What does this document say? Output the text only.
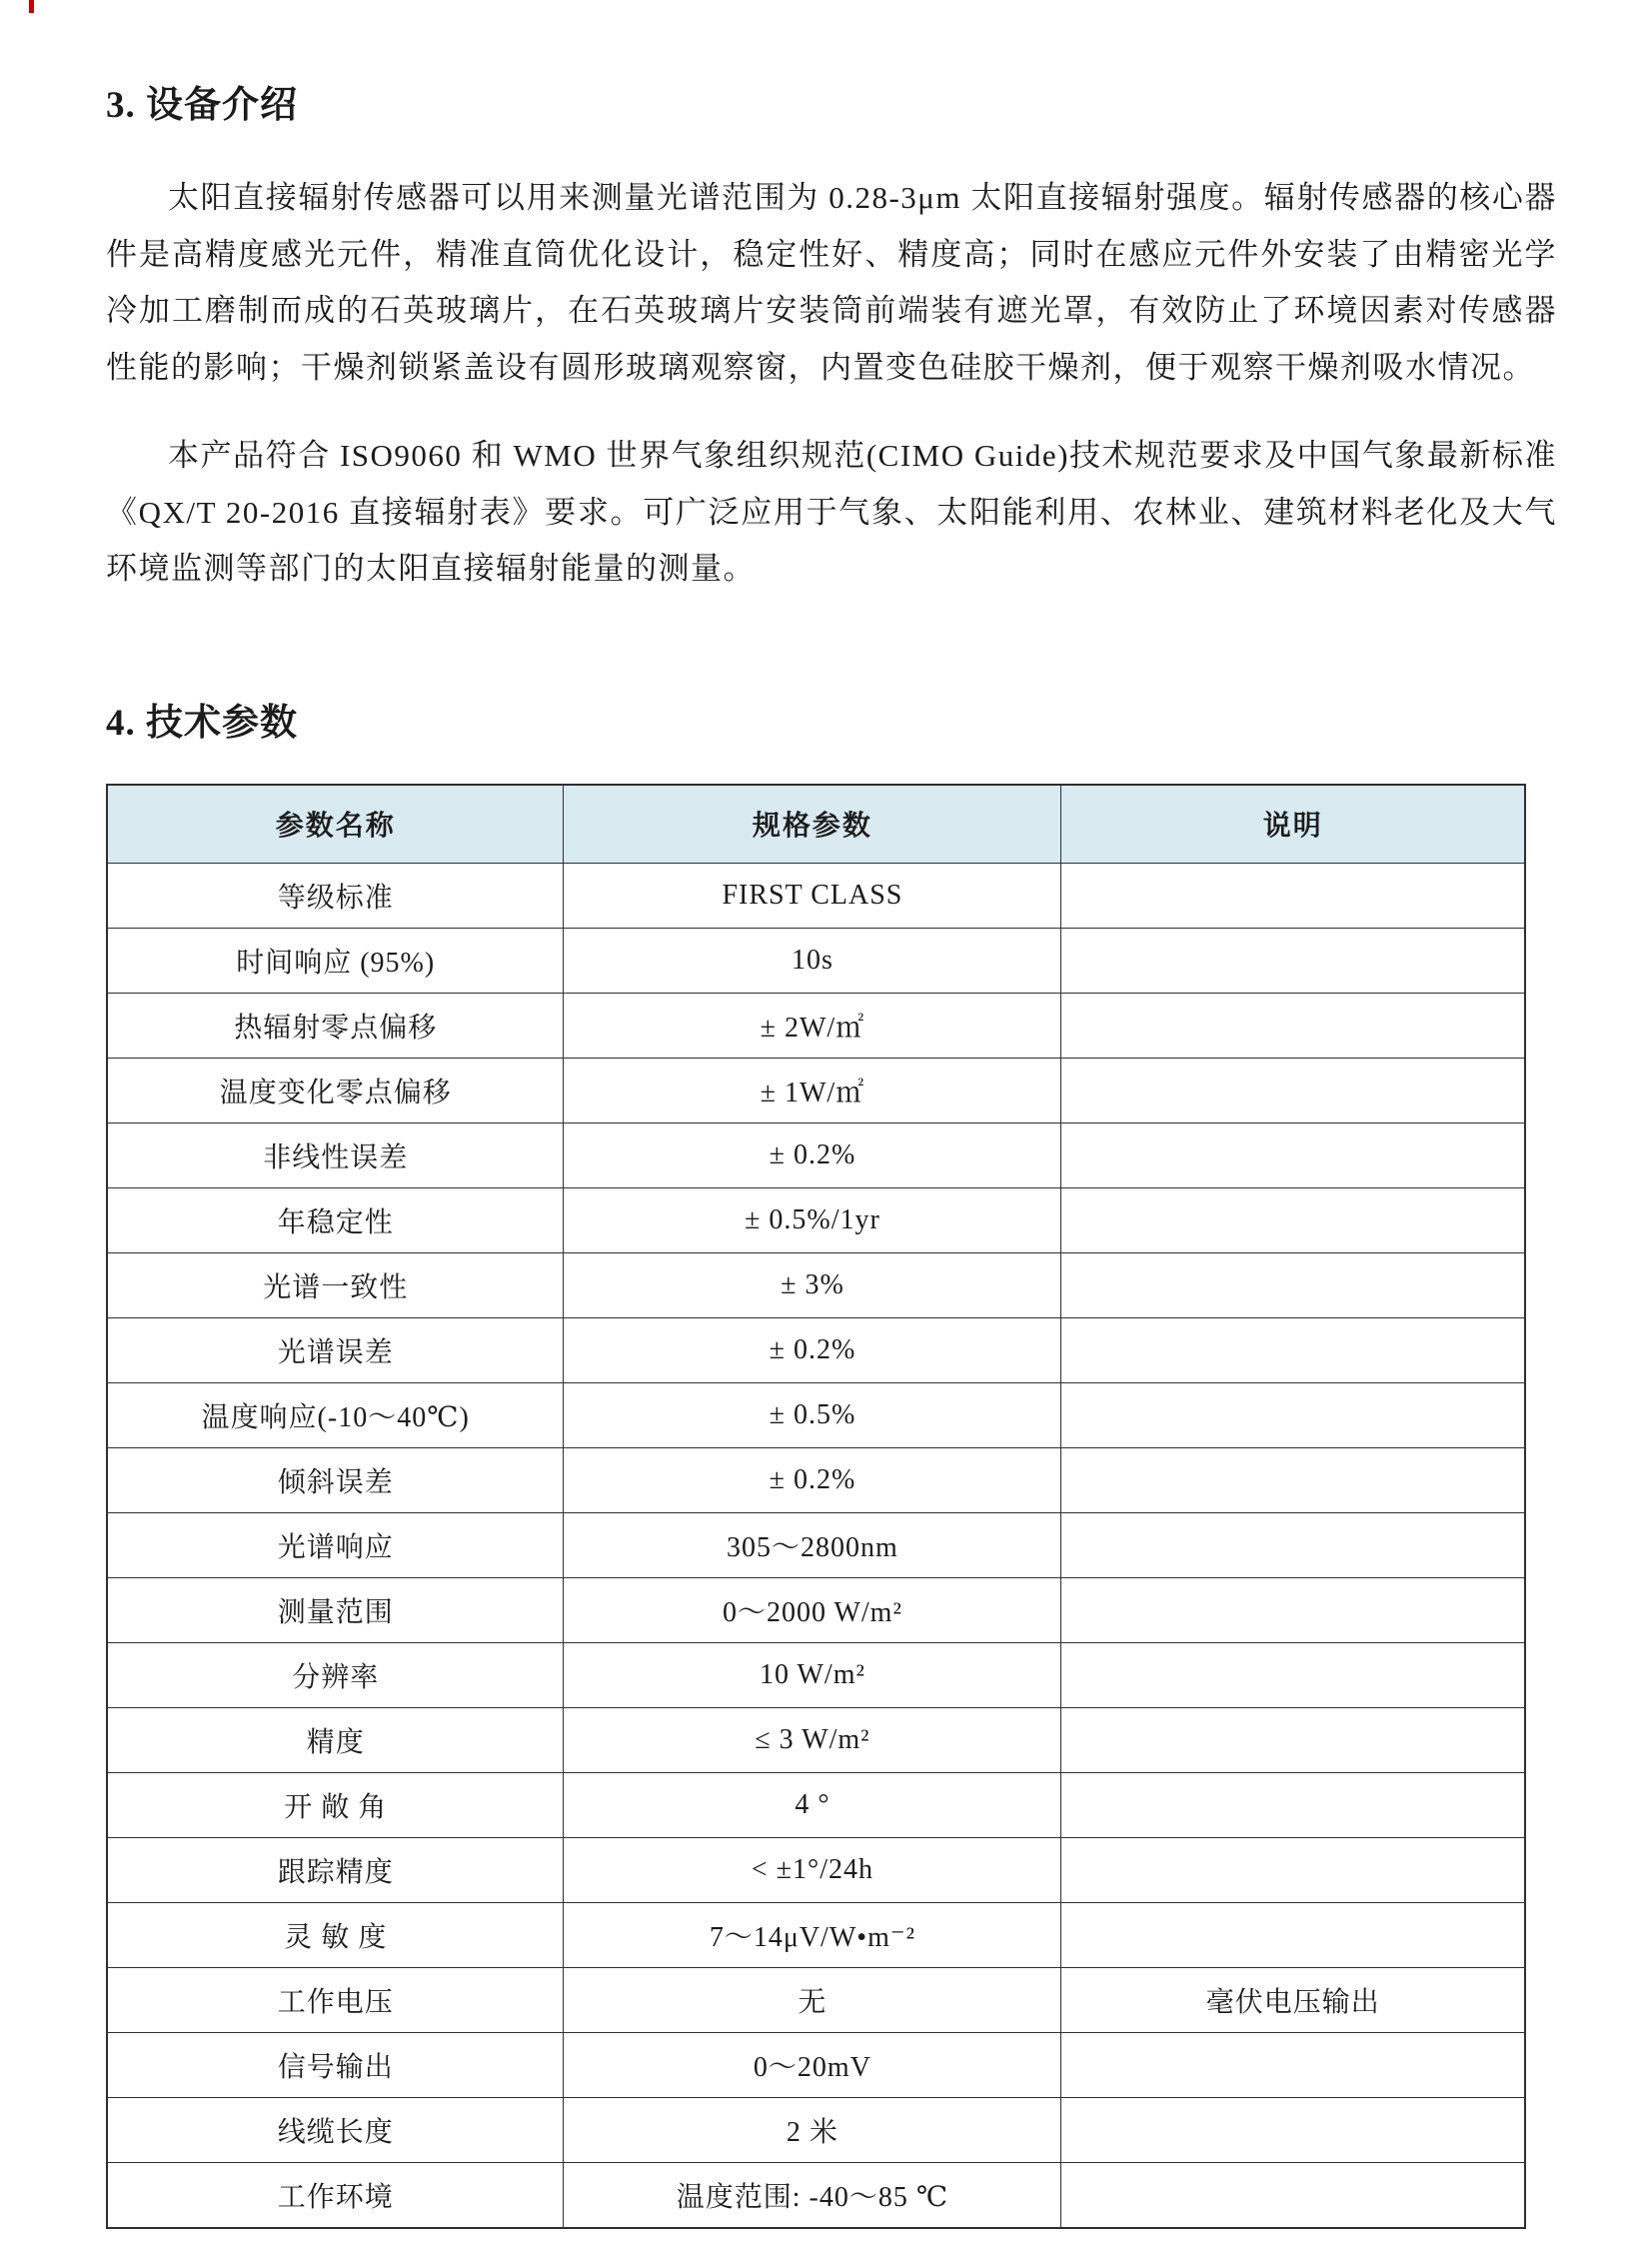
3. 设备介绍

太阳直接辐射传感器可以用来测量光谱范围为 0.28-3μm 太阳直接辐射强度。辐射传感器的核心器件是高精度感光元件，精准直筒优化设计，稳定性好、精度高；同时在感应元件外安装了由精密光学冷加工磨制而成的石英玻璃片，在石英玻璃片安装筒前端装有遮光罩，有效防止了环境因素对传感器性能的影响；干燥剂锁紧盖设有圆形玻璃观察窗，内置变色硅胶干燥剂，便于观察干燥剂吸水情况。

本产品符合 ISO9060 和 WMO 世界气象组织规范(CIMO Guide)技术规范要求及中国气象最新标准《QX/T 20-2016 直接辐射表》要求。可广泛应用于气象、太阳能利用、农林业、建筑材料老化及大气环境监测等部门的太阳直接辐射能量的测量。

4. 技术参数
参数名称	规格参数	说明
等级标准	FIRST CLASS	
时间响应 (95%)	10s	
热辐射零点偏移	± 2W/㎡	
温度变化零点偏移	± 1W/㎡	
非线性误差	± 0.2%	
年稳定性	± 0.5%/1yr	
光谱一致性	± 3%	
光谱误差	± 0.2%	
温度响应(-10～40℃)	± 0.5%	
倾斜误差	± 0.2%	
光谱响应	305～2800nm	
测量范围	0～2000 W/m²	
分辨率	10 W/m²	
精度	≤ 3 W/m²	
开 敞 角	4 °	
跟踪精度	< ±1°/24h	
灵 敏 度	7～14μV/W•m⁻²	
工作电压	无	毫伏电压输出
信号输出	0～20mV	
线缆长度	2 米	
工作环境	温度范围: -40～85 ℃	
